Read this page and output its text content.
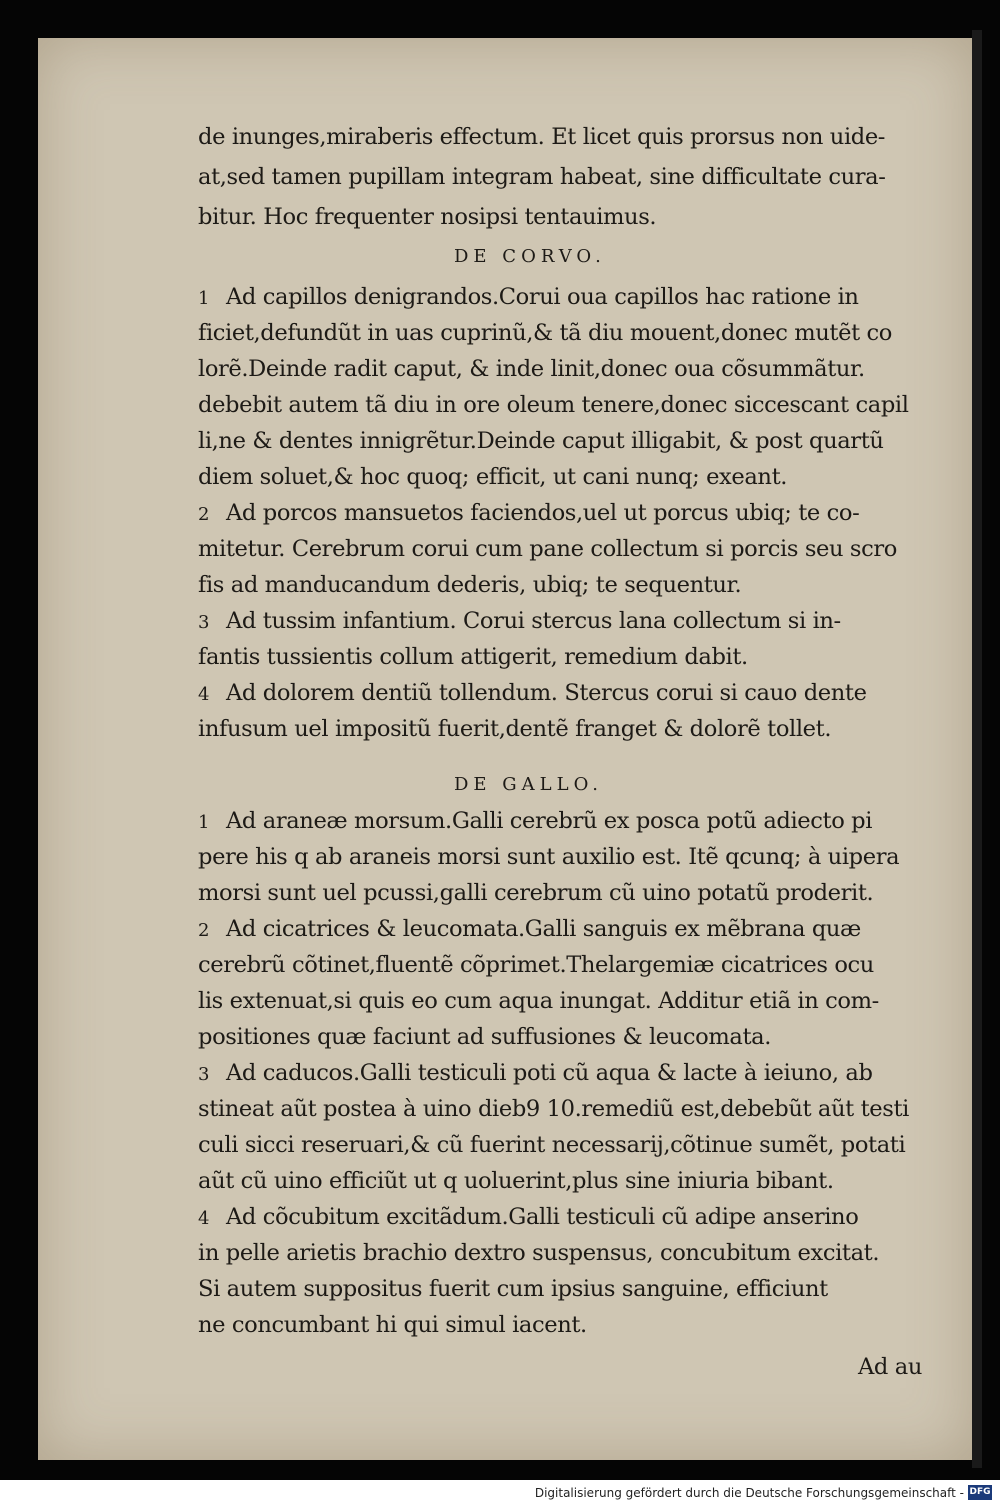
de inunges,miraberis effectum. Et licet quis prorsus non uide-
at,sed tamen pupillam integram habeat, sine difficultate cura-
bitur. Hoc frequenter nosipsi tentauimus.
DE CORVO.
1 Ad capillos denigrandos.Corui oua capillos hac ratione in
ficiet,defundũt in uas cuprinũ,& tã diu mouent,donec mutẽt co
lorẽ.Deinde radit caput, & inde linit,donec oua cõsummãtur.
debebit autem tã diu in ore oleum tenere,donec siccescant capil
li,ne & dentes innigrẽtur.Deinde caput illigabit, & post quartũ
diem soluet,& hoc quoq; efficit, ut cani nunq; exeant.
2 Ad porcos mansuetos faciendos,uel ut porcus ubiq; te co-
mitetur. Cerebrum corui cum pane collectum si porcis seu scro
fis ad manducandum dederis, ubiq; te sequentur.
3 Ad tussim infantium. Corui stercus lana collectum si in-
fantis tussientis collum attigerit, remedium dabit.
4 Ad dolorem dentiũ tollendum. Stercus corui si cauo dente
infusum uel impositũ fuerit,dentẽ franget & dolorẽ tollet.
DE GALLO.
1 Ad araneæ morsum.Galli cerebrũ ex posca potũ adiecto pi
pere his q ab araneis morsi sunt auxilio est. Itẽ qcunq; à uipera
morsi sunt uel pcussi,galli cerebrum cũ uino potatũ proderit.
2 Ad cicatrices & leucomata.Galli sanguis ex mẽbrana quæ
cerebrũ cõtinet,fluentẽ cõprimet.Thelargemiæ cicatrices ocu
lis extenuat,si quis eo cum aqua inungat. Additur etiã in com-
positiones quæ faciunt ad suffusiones & leucomata.
3 Ad caducos.Galli testiculi poti cũ aqua & lacte à ieiuno, ab
stineat aũt postea à uino dieb9 10.remediũ est,debebũt aũt testi
culi sicci reseruari,& cũ fuerint necessarij,cõtinue sumẽt, potati
aũt cũ uino efficiũt ut q uoluerint,plus sine iniuria bibant.
4 Ad cõcubitum excitãdum.Galli testiculi cũ adipe anserino
in pelle arietis brachio dextro suspensus, concubitum excitat.
Si autem suppositus fuerit cum ipsius sanguine, efficiunt
ne concumbant hi qui simul iacent.
Ad au
Digitalisierung gefördert durch die Deutsche Forschungsgemeinschaft - DFG
